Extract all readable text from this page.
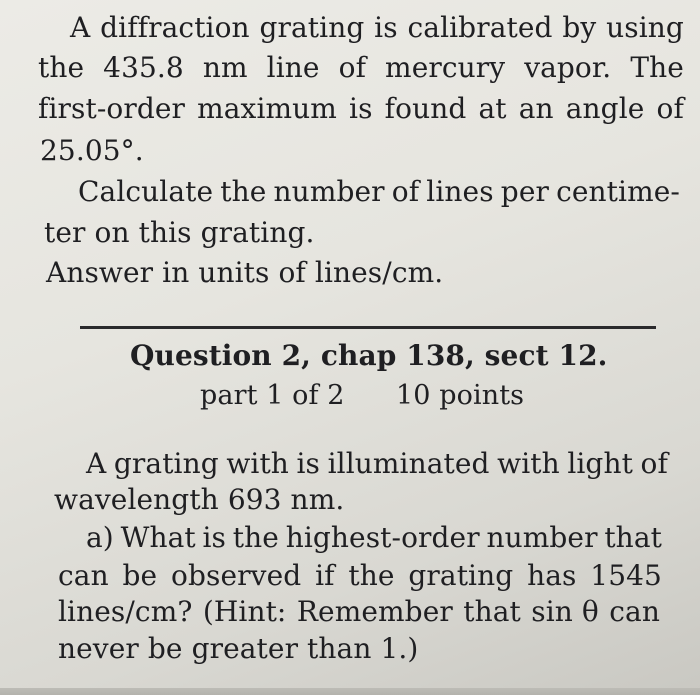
A diffraction grating is calibrated by using
the 435.8 nm line of mercury vapor. The
first-order maximum is found at an angle of
25.05°.
Calculate the number of lines per centime-
ter on this grating.
Answer in units of lines/cm.
Question 2, chap 138, sect 12.
part 1 of 2 10 points
A grating with is illuminated with light of
wavelength 693 nm.
a) What is the highest-order number that
can be observed if the grating has 1545
lines/cm? (Hint: Remember that sin θ can
never be greater than 1.)
